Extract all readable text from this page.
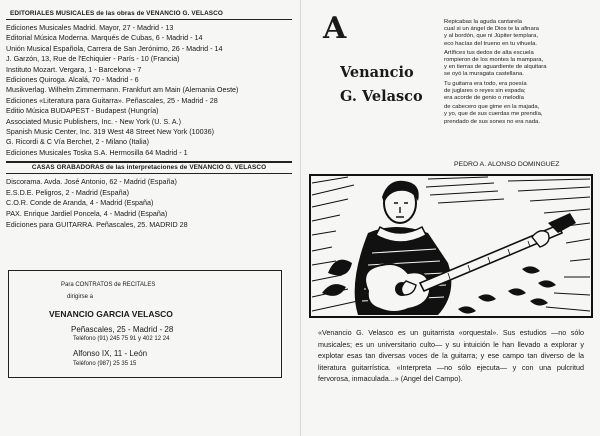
EDITORIALES MUSICALES de las obras de VENANCIO G. VELASCO
Ediciones Musicales Madrid. Mayor, 27 - Madrid - 13
Editorial Música Moderna. Marqués de Cubas, 6 - Madrid - 14
Unión Musical Española, Carrera de San Jerónimo, 26 - Madrid - 14
J. Garzón, 13, Rue de l'Echiquier - París - 10 (Francia)
Instituto Mozart. Vergara, 1 - Barcelona - 7
Ediciones Quiroga. Alcalá, 70 - Madrid - 6
Musikverlag. Wilhelm Zimmermann. Frankfurt am Main (Alemania Oeste)
Ediciones «Literatura para Guitarra». Peñascales, 25 - Madrid - 28
Editio Música BUDAPEST - Budapest (Hungría)
Associated Music Publishers, Inc. - New York (U. S. A.)
Spanish Music Center, Inc. 319 West 48 Street New York (10036)
G. Ricordi & C Vía Berchet, 2 - Milano (Italia)
Ediciones Musicales Toska S.A. Hermosilla 64 Madrid - 1
CASAS GRABADORAS de las interpretaciones de VENANCIO G. VELASCO
Discorama. Avda. José Antonio, 62 - Madrid (España)
E.S.D.E. Peligros, 2 - Madrid (España)
C.O.R. Conde de Aranda, 4 - Madrid (España)
PAX. Enrique Jardiel Poncela, 4 - Madrid (España)
Ediciones para GUITARRA. Peñascales, 25. MADRID 28
Para CONTRATOS de RECITALES
dirigirse a
VENANCIO GARCIA VELASCO
Peñascales, 25 - Madrid - 28
Teléfono (91) 245 75 91 y 402 12 24
Alfonso IX, 11 - León
Teléfono (987) 25 35 15
A
Venancio
G. Velasco
Repicabas la aguda cantarela
cual si un ángel de Dios te la afinara
y al bordón, que ni Júpiter templara,
eco hacías del trueno en tu vihuela.
Artífices tus dedos de alta escuela
rompieron de los montes la mampara,
y en tierras de aguardiente de alquitara
se oyó la muragata castellana.
Tu guitarra era todo, era poesía
de juglares o reyes sin espada;
era acorde de genio o melodía
de cabecero que gime en la majada,
y yo, que de sus cuerdas me prendía,
prendado de sus sones no era nada.
PEDRO A. ALONSO DOMINGUEZ
«Venancio G. Velasco es un guitarrista «orquestal». Sus estudios —no sólo musicales; es un universitario culto— y su intuición le han llevado a explorar y explotar esas tan diversas voces de la guitarra; y ese campo tan diverso de la literatura guitarrística. «Interpreta —no sólo ejecuta— y con una pulcritud fervorosa, inmaculada...» (Angel del Campo).
